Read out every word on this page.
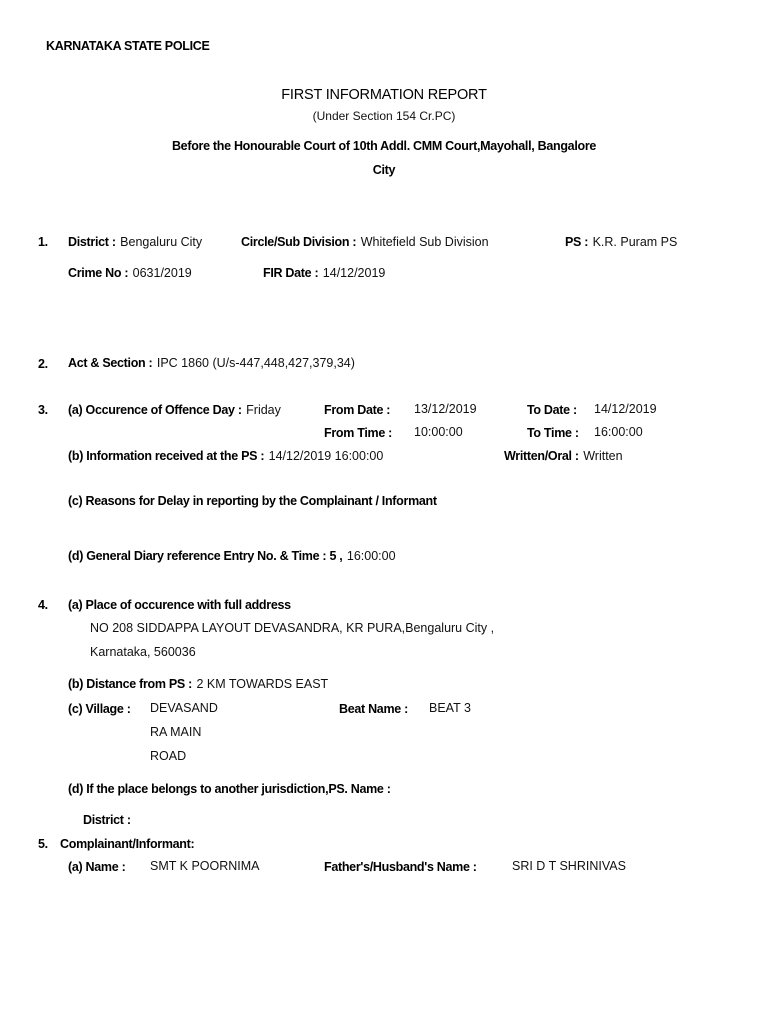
KARNATAKA STATE POLICE
FIRST INFORMATION REPORT
(Under Section 154 Cr.PC)
Before the Honourable Court of 10th Addl. CMM Court,Mayohall, Bangalore
City
1. District : Bengaluru City	Circle/Sub Division : Whitefield Sub Division	PS : K.R. Puram PS
Crime No : 0631/2019	FIR Date : 14/12/2019
2. Act & Section : IPC 1860 (U/s-447,448,427,379,34)
3. (a) Occurence of Offence Day : Friday	From Date : 13/12/2019	To Date : 14/12/2019
From Time : 10:00:00	To Time : 16:00:00
(b) Information received at the PS : 14/12/2019 16:00:00	Written/Oral : Written
(c) Reasons for Delay in reporting by the Complainant / Informant
(d) General Diary reference Entry No. & Time : 5 , 16:00:00
4. (a) Place of occurence with full address
NO 208 SIDDAPPA LAYOUT DEVASANDRA, KR PURA,Bengaluru City ,
Karnataka, 560036
(b) Distance from PS : 2 KM TOWARDS EAST
(c) Village : DEVASAND
RA MAIN
ROAD
Beat Name : BEAT 3
(d) If the place belongs to another jurisdiction,PS. Name :
District :
5. Complainant/Informant:
(a) Name : SMT K POORNIMA	Father's/Husband's Name :	SRI D T SHRINIVAS
